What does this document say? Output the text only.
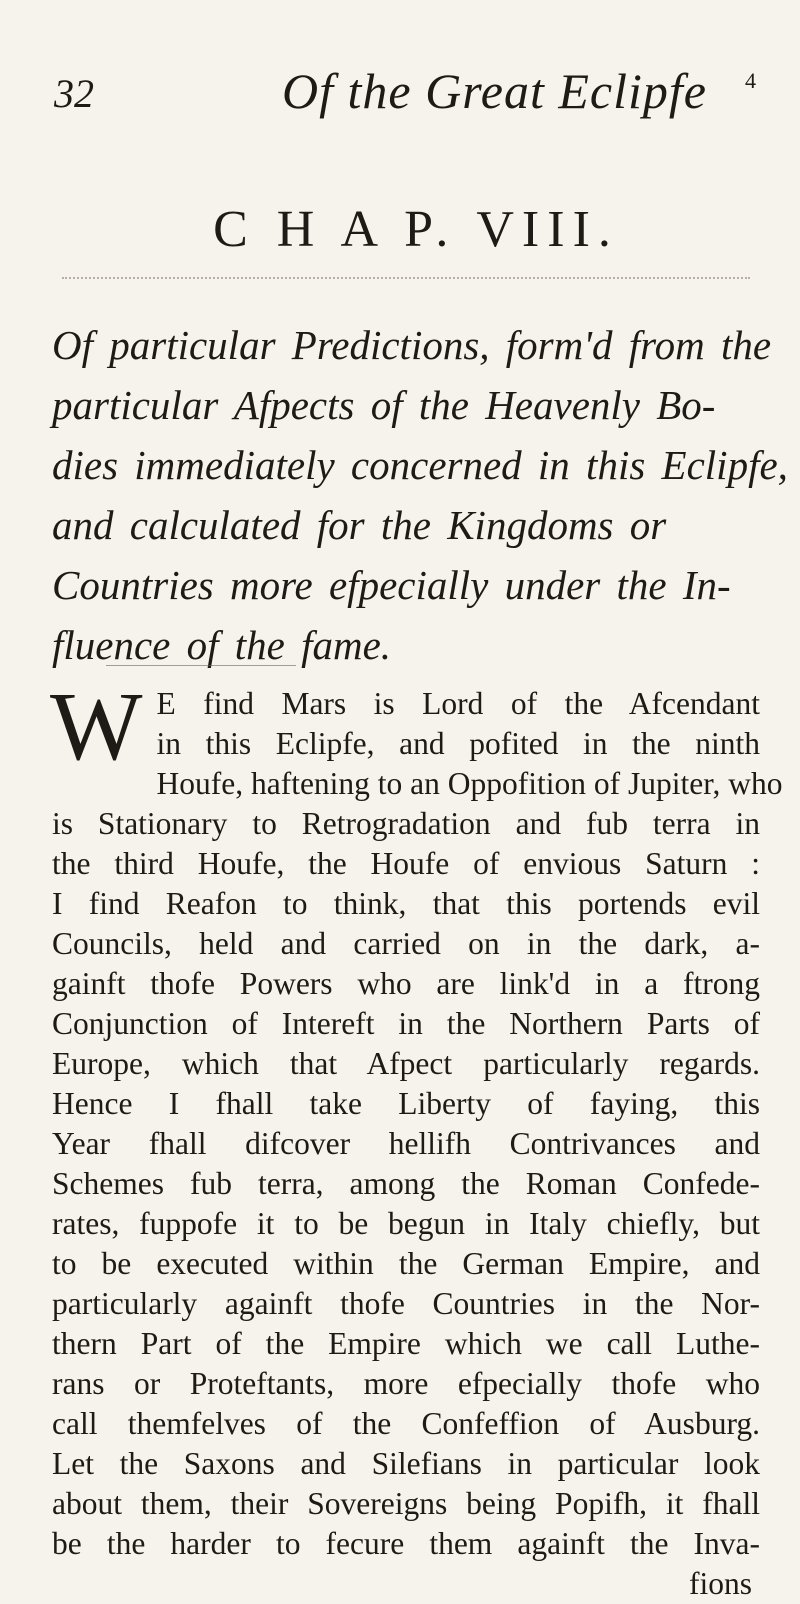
32	Of the Great Eclipfe 4
C H A P. VIII.
Of particular Predictions, form'd from the
particular Afpects of the Heavenly Bo-
dies immediately concerned in this Eclipfe,
and calculated for the Kingdoms or
Countries more efpecially under the In-
fluence of the fame.
W E find Mars is Lord of the Afcendant
in this Eclipfe, and pofited in the ninth
Houfe, haftening to an Oppofition of Jupiter, who
is Stationary to Retrogradation and fub terra in
the third Houfe, the Houfe of envious Saturn :
I find Reafon to think, that this portends evil
Councils, held and carried on in the dark, a-
gainft thofe Powers who are link'd in a ftrong
Conjunction of Intereft in the Northern Parts of
Europe, which that Afpect particularly regards.
Hence I fhall take Liberty of faying, this
Year fhall difcover hellifh Contrivances and
Schemes fub terra, among the Roman Confede-
rates, fuppofe it to be begun in Italy chiefly, but
to be executed within the German Empire, and
particularly againft thofe Countries in the Nor-
thern Part of the Empire which we call Luthe-
rans or Proteftants, more efpecially thofe who
call themfelves of the Confeffion of Ausburg.
Let the Saxons and Silefians in particular look
about them, their Sovereigns being Popifh, it fhall
be the harder to fecure them againft the Inva-
fions
